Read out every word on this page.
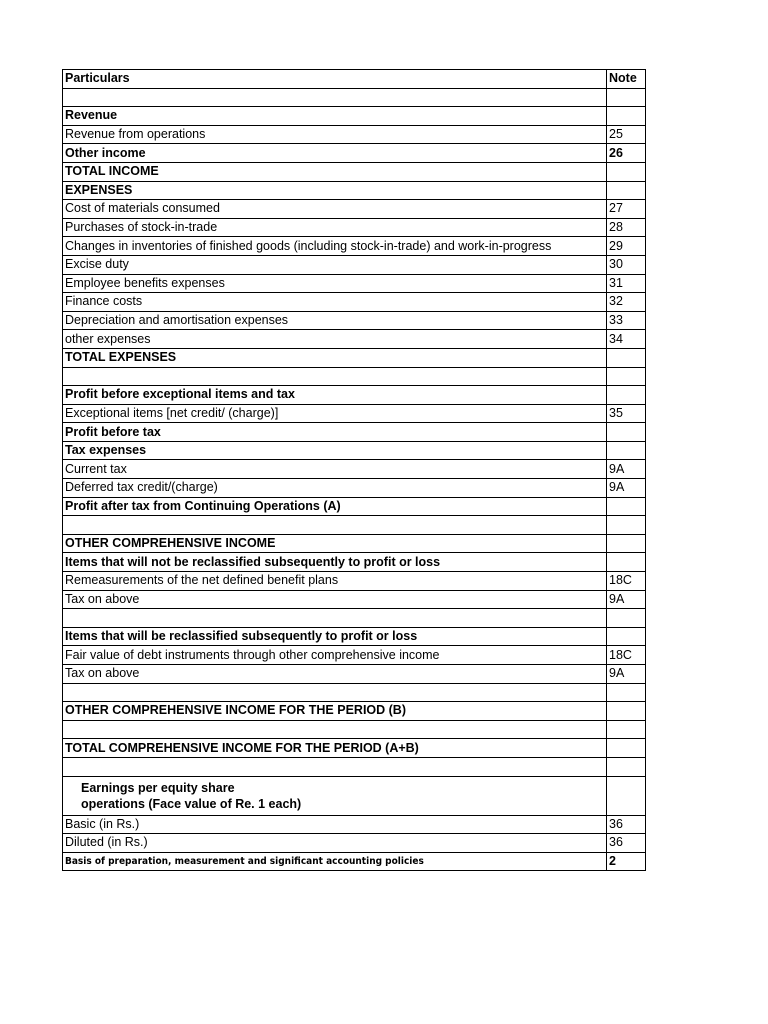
Particulars	Note

Revenue	
Revenue from operations	25
Other income	26
TOTAL INCOME	
EXPENSES	
Cost of materials consumed	27
Purchases of stock-in-trade	28
Changes in inventories of finished goods (including stock-in-trade) and work-in-progress	29
Excise duty	30
Employee benefits expenses	31
Finance costs	32
Depreciation and amortisation expenses	33
other expenses	34
TOTAL EXPENSES	

Profit before exceptional items and tax	
Exceptional items [net credit/ (charge)]	35
Profit before tax	
Tax expenses	
Current tax	9A
Deferred tax credit/(charge)	9A
Profit after tax from Continuing Operations (A)	

OTHER COMPREHENSIVE INCOME	
Items that will not be reclassified subsequently to profit or loss	
Remeasurements of the net defined benefit plans	18C
Tax on above	9A

Items that will be reclassified subsequently to profit or loss	
Fair value of debt instruments through other comprehensive income	18C
Tax on above	9A

OTHER COMPREHENSIVE INCOME FOR THE PERIOD (B)	

TOTAL COMPREHENSIVE INCOME FOR THE PERIOD (A+B)	

Earnings per equity share
operations (Face value of Re. 1 each)	
Basic (in Rs.)	36
Diluted (in Rs.)	36
Basis of preparation, measurement and significant accounting policies	2
